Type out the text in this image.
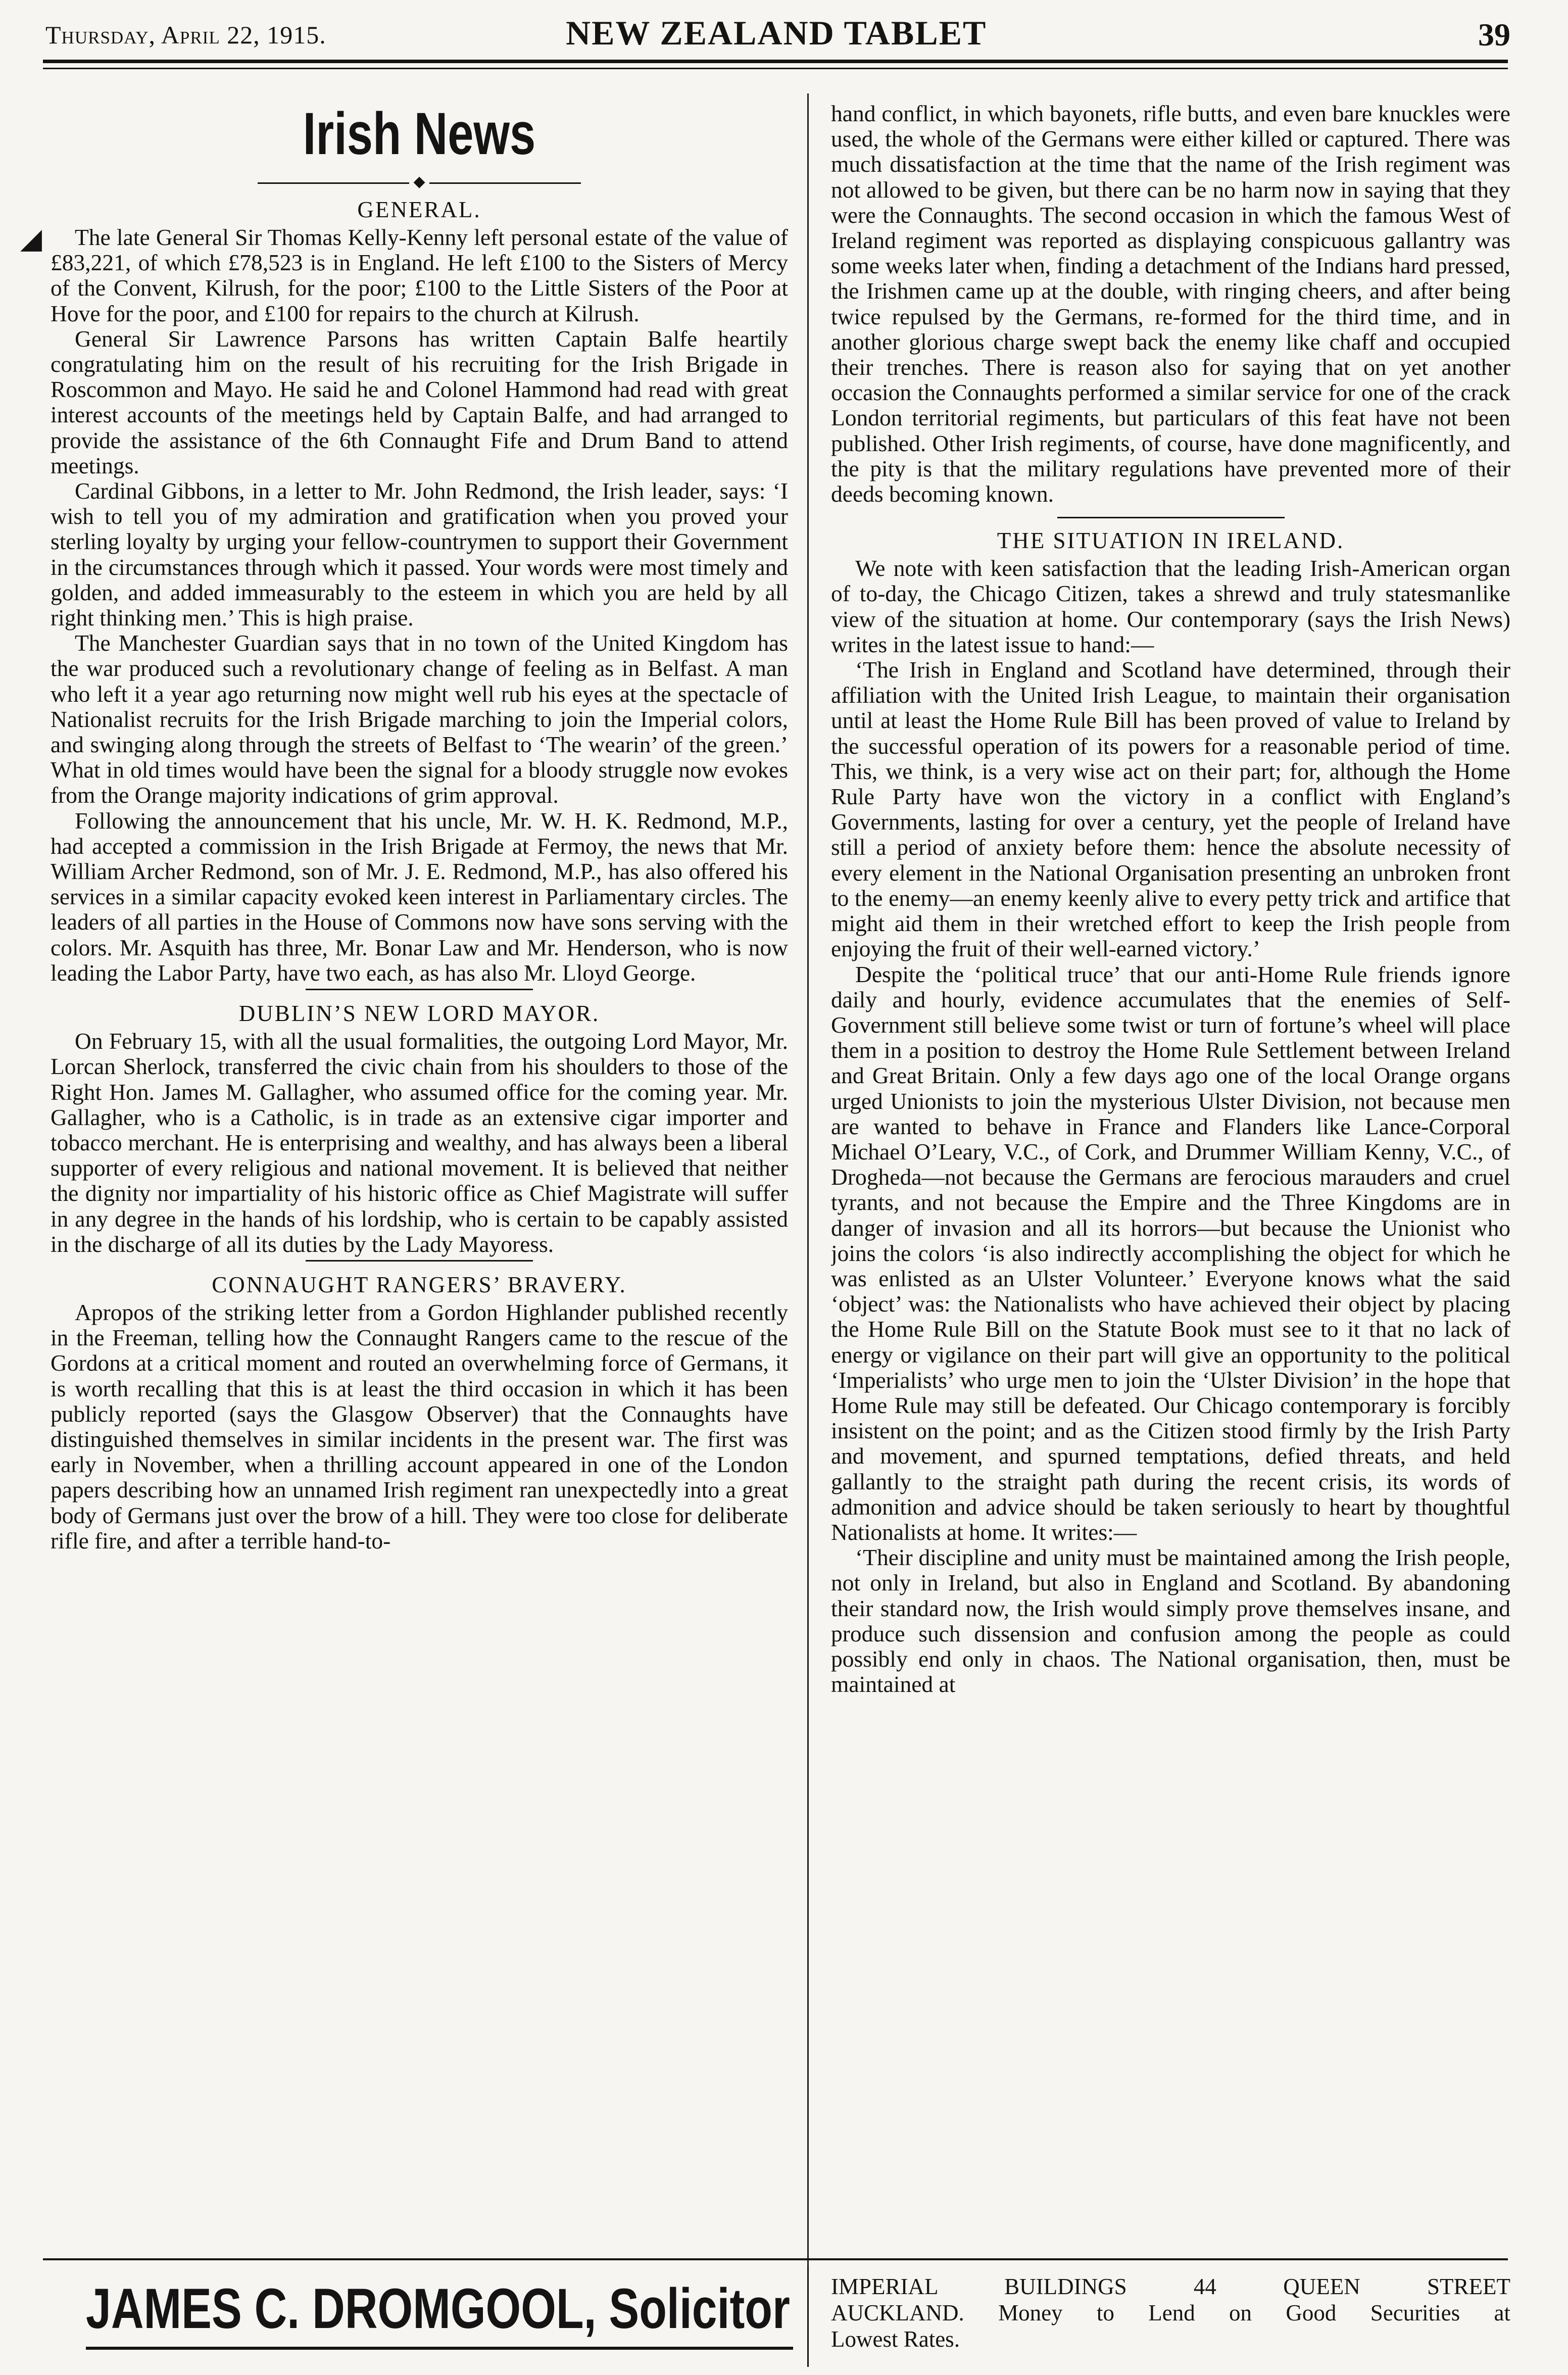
Thursday, April 22, 1915.	NEW ZEALAND TABLET	39
Irish News
◆
GENERAL.

The late General Sir Thomas Kelly-Kenny left personal estate of the value of £83,221, of which £78,523 is in England. He left £100 to the Sisters of Mercy of the Convent, Kilrush, for the poor; £100 to the Little Sisters of the Poor at Hove for the poor, and £100 for repairs to the church at Kilrush.

General Sir Lawrence Parsons has written Captain Balfe heartily congratulating him on the result of his recruiting for the Irish Brigade in Roscommon and Mayo. He said he and Colonel Hammond had read with great interest accounts of the meetings held by Captain Balfe, and had arranged to provide the assistance of the 6th Connaught Fife and Drum Band to attend meetings.

Cardinal Gibbons, in a letter to Mr. John Redmond, the Irish leader, says: ‘I wish to tell you of my admiration and gratification when you proved your sterling loyalty by urging your fellow-countrymen to support their Government in the circumstances through which it passed. Your words were most timely and golden, and added immeasurably to the esteem in which you are held by all right thinking men.’ This is high praise.

The Manchester Guardian says that in no town of the United Kingdom has the war produced such a revolutionary change of feeling as in Belfast. A man who left it a year ago returning now might well rub his eyes at the spectacle of Nationalist recruits for the Irish Brigade marching to join the Imperial colors, and swinging along through the streets of Belfast to ‘The wearin’ of the green.’ What in old times would have been the signal for a bloody struggle now evokes from the Orange majority indications of grim approval.

Following the announcement that his uncle, Mr. W. H. K. Redmond, M.P., had accepted a commission in the Irish Brigade at Fermoy, the news that Mr. William Archer Redmond, son of Mr. J. E. Redmond, M.P., has also offered his services in a similar capacity evoked keen interest in Parliamentary circles. The leaders of all parties in the House of Commons now have sons serving with the colors. Mr. Asquith has three, Mr. Bonar Law and Mr. Henderson, who is now leading the Labor Party, have two each, as has also Mr. Lloyd George.

DUBLIN’S NEW LORD MAYOR.

On February 15, with all the usual formalities, the outgoing Lord Mayor, Mr. Lorcan Sherlock, transferred the civic chain from his shoulders to those of the Right Hon. James M. Gallagher, who assumed office for the coming year. Mr. Gallagher, who is a Catholic, is in trade as an extensive cigar importer and tobacco merchant. He is enterprising and wealthy, and has always been a liberal supporter of every religious and national movement. It is believed that neither the dignity nor impartiality of his historic office as Chief Magistrate will suffer in any degree in the hands of his lordship, who is certain to be capably assisted in the discharge of all its duties by the Lady Mayoress.

CONNAUGHT RANGERS’ BRAVERY.

Apropos of the striking letter from a Gordon Highlander published recently in the Freeman, telling how the Connaught Rangers came to the rescue of the Gordons at a critical moment and routed an overwhelming force of Germans, it is worth recalling that this is at least the third occasion in which it has been publicly reported (says the Glasgow Observer) that the Connaughts have distinguished themselves in similar incidents in the present war. The first was early in November, when a thrilling account appeared in one of the London papers describing how an unnamed Irish regiment ran unexpectedly into a great body of Germans just over the brow of a hill. They were too close for deliberate rifle fire, and after a terrible hand-to-

hand conflict, in which bayonets, rifle butts, and even bare knuckles were used, the whole of the Germans were either killed or captured. There was much dissatisfaction at the time that the name of the Irish regiment was not allowed to be given, but there can be no harm now in saying that they were the Connaughts. The second occasion in which the famous West of Ireland regiment was reported as displaying conspicuous gallantry was some weeks later when, finding a detachment of the Indians hard pressed, the Irishmen came up at the double, with ringing cheers, and after being twice repulsed by the Germans, re-formed for the third time, and in another glorious charge swept back the enemy like chaff and occupied their trenches. There is reason also for saying that on yet another occasion the Connaughts performed a similar service for one of the crack London territorial regiments, but particulars of this feat have not been published. Other Irish regiments, of course, have done magnificently, and the pity is that the military regulations have prevented more of their deeds becoming known.

THE SITUATION IN IRELAND.

We note with keen satisfaction that the leading Irish-American organ of to-day, the Chicago Citizen, takes a shrewd and truly statesmanlike view of the situation at home. Our contemporary (says the Irish News) writes in the latest issue to hand:—

‘The Irish in England and Scotland have determined, through their affiliation with the United Irish League, to maintain their organisation until at least the Home Rule Bill has been proved of value to Ireland by the successful operation of its powers for a reasonable period of time. This, we think, is a very wise act on their part; for, although the Home Rule Party have won the victory in a conflict with England’s Governments, lasting for over a century, yet the people of Ireland have still a period of anxiety before them: hence the absolute necessity of every element in the National Organisation presenting an unbroken front to the enemy—an enemy keenly alive to every petty trick and artifice that might aid them in their wretched effort to keep the Irish people from enjoying the fruit of their well-earned victory.’

Despite the ‘political truce’ that our anti-Home Rule friends ignore daily and hourly, evidence accumulates that the enemies of Self-Government still believe some twist or turn of fortune’s wheel will place them in a position to destroy the Home Rule Settlement between Ireland and Great Britain. Only a few days ago one of the local Orange organs urged Unionists to join the mysterious Ulster Division, not because men are wanted to behave in France and Flanders like Lance-Corporal Michael O’Leary, V.C., of Cork, and Drummer William Kenny, V.C., of Drogheda—not because the Germans are ferocious marauders and cruel tyrants, and not because the Empire and the Three Kingdoms are in danger of invasion and all its horrors—but because the Unionist who joins the colors ‘is also indirectly accomplishing the object for which he was enlisted as an Ulster Volunteer.’ Everyone knows what the said ‘object’ was: the Nationalists who have achieved their object by placing the Home Rule Bill on the Statute Book must see to it that no lack of energy or vigilance on their part will give an opportunity to the political ‘Imperialists’ who urge men to join the ‘Ulster Division’ in the hope that Home Rule may still be defeated. Our Chicago contemporary is forcibly insistent on the point; and as the Citizen stood firmly by the Irish Party and movement, and spurned temptations, defied threats, and held gallantly to the straight path during the recent crisis, its words of admonition and advice should be taken seriously to heart by thoughtful Nationalists at home. It writes:—

‘Their discipline and unity must be maintained among the Irish people, not only in Ireland, but also in England and Scotland. By abandoning their standard now, the Irish would simply prove themselves insane, and produce such dissension and confusion among the people as could possibly end only in chaos. The National organisation, then, must be maintained at

◢
JAMES C. DROMGOOL, Solicitor IMPERIAL BUILDINGS 44 QUEEN STREET
AUCKLAND. Money to Lend on Good Securities at
Lowest Rates.
